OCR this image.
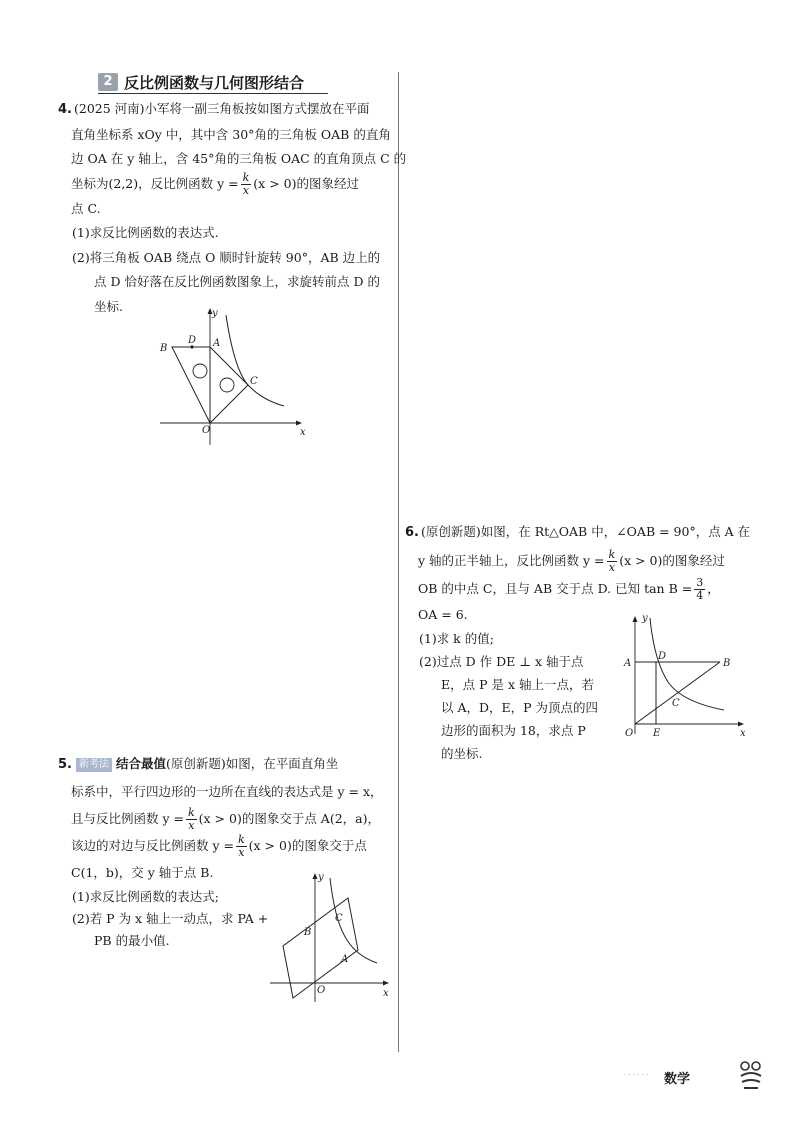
2 反比例函数与几何图形结合
4. (2025 河南)小军将一副三角板按如图方式摆放在平面
直角坐标系 xOy 中，其中含 30°角的三角板 OAB 的直角
边 OA 在 y 轴上，含 45°角的三角板 OAC 的直角顶点 C 的
坐标为(2,2)，反比例函数 $y = \frac{k}{x} (x > 0)$的图象经过
点 C.
(1)求反比例函数的表达式.
(2)将三角板 OAB 绕点 O 顺时针旋转 90°，AB 边上的
点 D 恰好落在反比例函数图象上，求旋转前点 D 的
坐标.	y
x
O
A
B
C
D
6. (原创新题)如图，在 Rt△OAB 中，∠OAB = 90°，点 A 在
y 轴的正半轴上，反比例函数 $y = \frac{k}{x} (x > 0)$的图象经过
OB 的中点 C，且与 AB 交于点 D. 已知 $\tan B = \frac{3}{4}$ ，
OA = 6.
(1)求 k 的值;
(2)过点 D 作 DE ⊥ x 轴于点
E，点 P 是 x 轴上一点，若
以 A，D，E，P 为顶点的四
边形的面积为 18，求点 P
的坐标.
y
x
O
A	B
C
D
E
5. 新考法 结合最值(原创新题)如图，在平面直角坐
标系中，平行四边形的一边所在直线的表达式是 y = x，
且与反比例函数 $y = \frac{k}{x} (x > 0)$的图象交于点 A(2，a)，
该边的对边与反比例函数 $y = \frac{k}{x} (x > 0)$的图象交于点
C(1，b)，交 y 轴于点 B.
(1)求反比例函数的表达式;
(2)若 P 为 x 轴上一动点，求 PA +
PB 的最小值.
y
x
O
A
B
C
· · · · · · 数学
